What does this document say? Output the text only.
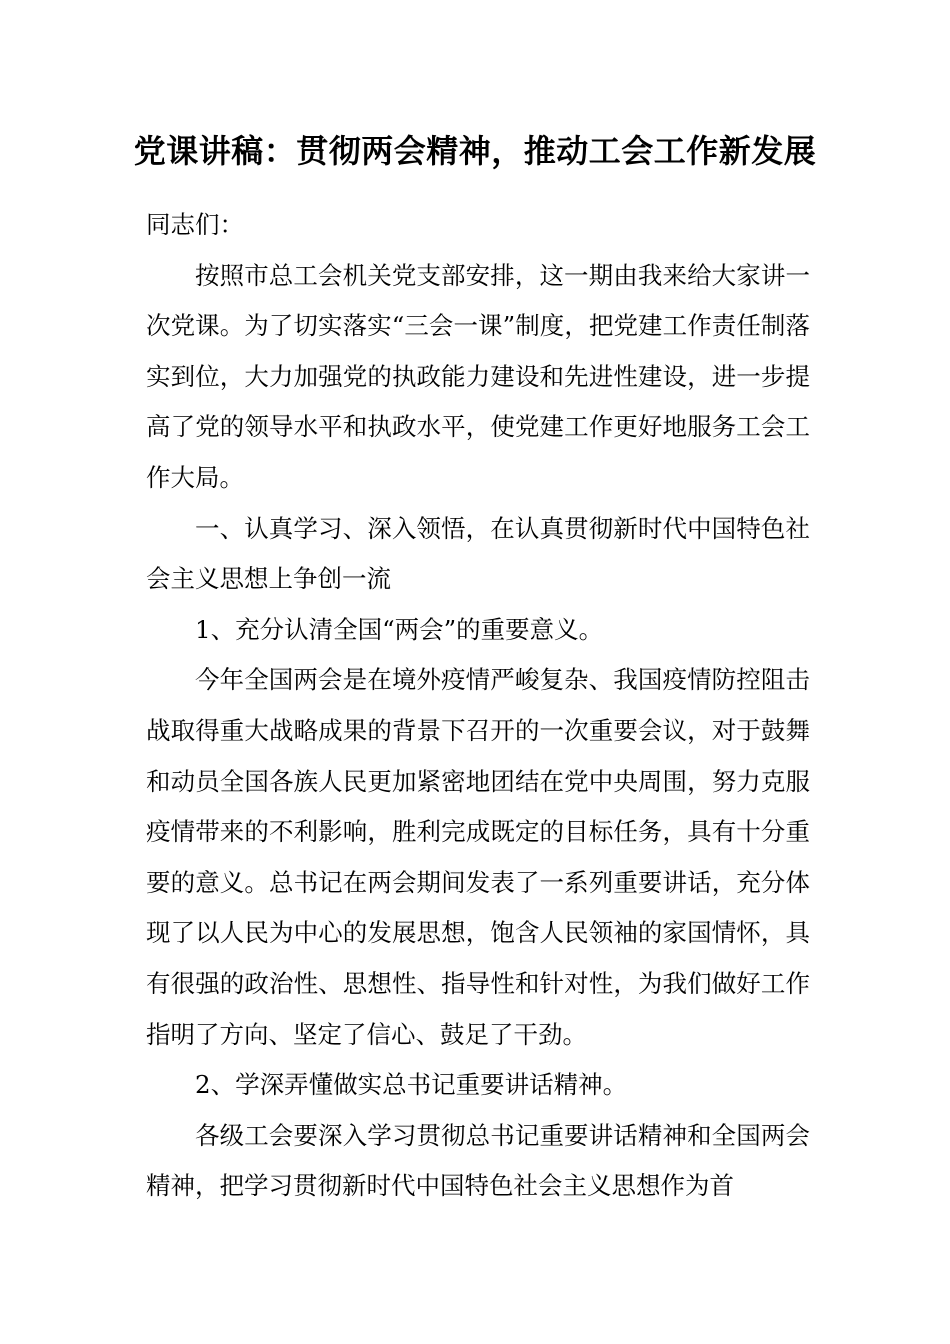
党课讲稿：贯彻两会精神，推动工会工作新发展

同志们：

按照市总工会机关党支部安排，这一期由我来给大家讲一次党课。为了切实落实“三会一课”制度，把党建工作责任制落实到位，大力加强党的执政能力建设和先进性建设，进一步提高了党的领导水平和执政水平，使党建工作更好地服务工会工作大局。

一、认真学习、深入领悟，在认真贯彻新时代中国特色社会主义思想上争创一流

1、充分认清全国“两会”的重要意义。

今年全国两会是在境外疫情严峻复杂、我国疫情防控阻击战取得重大战略成果的背景下召开的一次重要会议，对于鼓舞和动员全国各族人民更加紧密地团结在党中央周围，努力克服疫情带来的不利影响，胜利完成既定的目标任务，具有十分重要的意义。总书记在两会期间发表了一系列重要讲话，充分体现了以人民为中心的发展思想，饱含人民领袖的家国情怀，具有很强的政治性、思想性、指导性和针对性，为我们做好工作指明了方向、坚定了信心、鼓足了干劲。

2、学深弄懂做实总书记重要讲话精神。

各级工会要深入学习贯彻总书记重要讲话精神和全国两会精神，把学习贯彻新时代中国特色社会主义思想作为首
